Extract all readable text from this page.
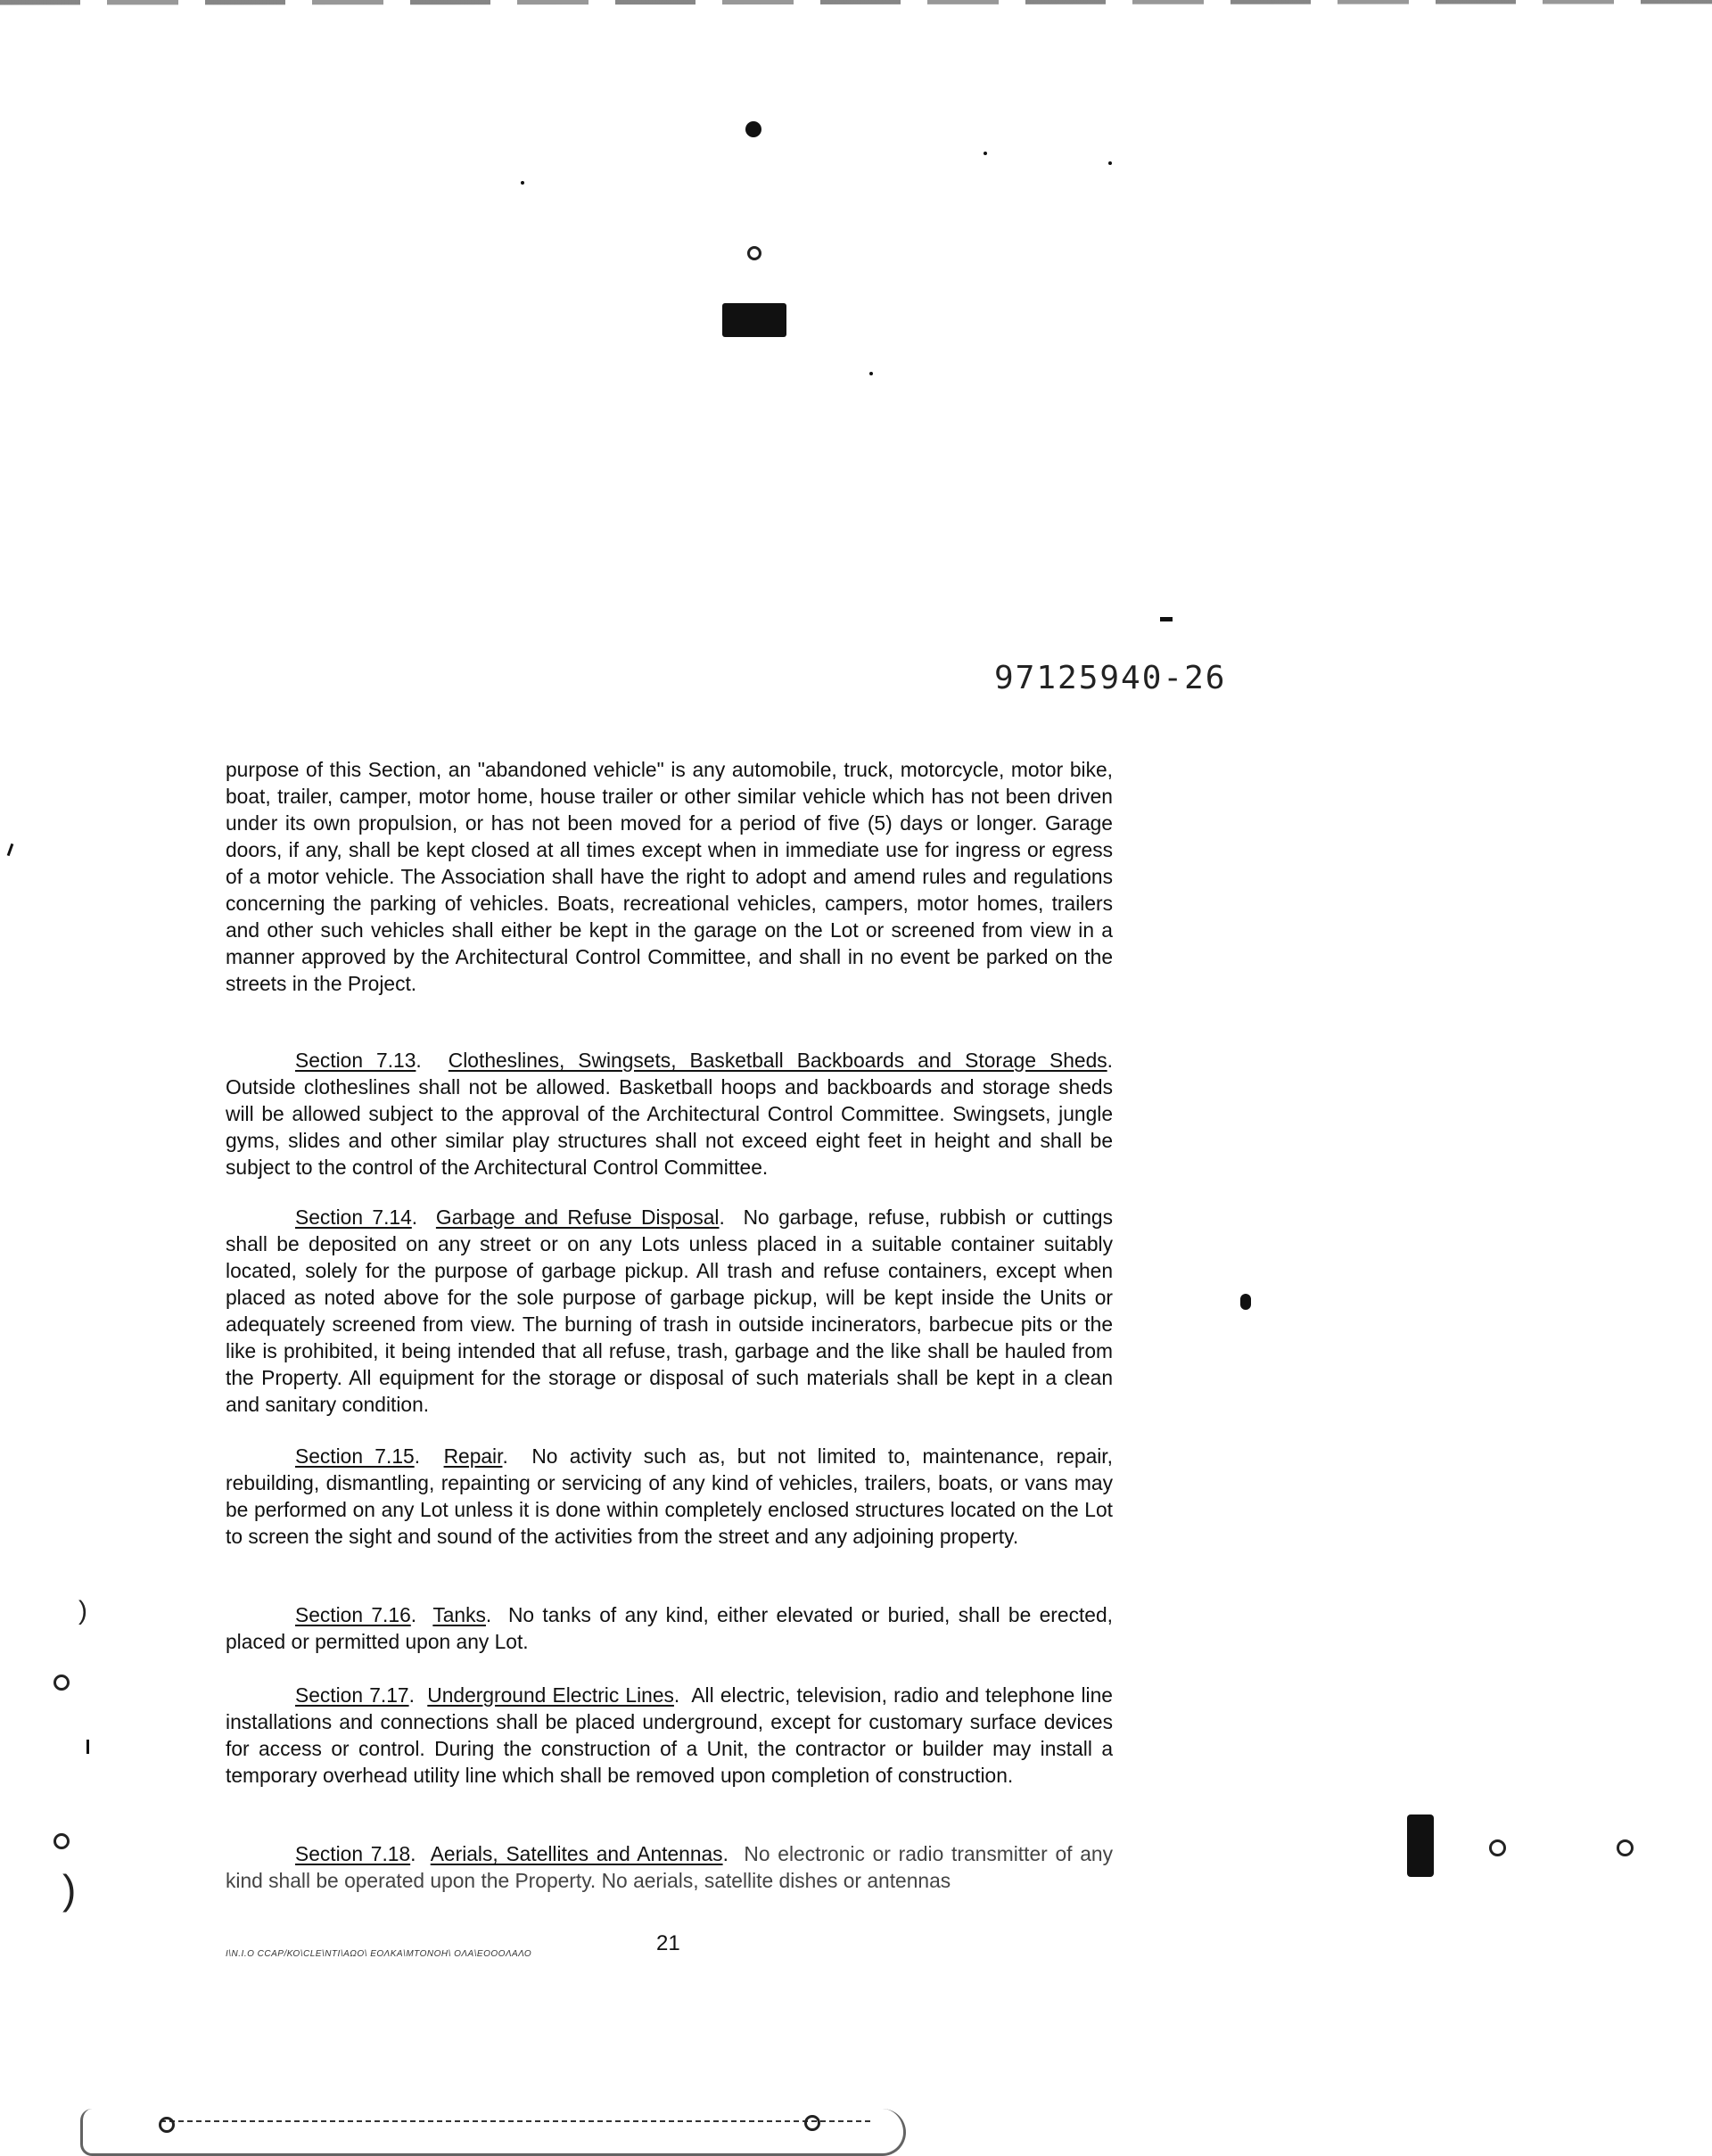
)
)
97125940-26

purpose of this Section, an "abandoned vehicle" is any automobile, truck, motorcycle, motor bike, boat, trailer, camper, motor home, house trailer or other similar vehicle which has not been driven under its own propulsion, or has not been moved for a period of five (5) days or longer. Garage doors, if any, shall be kept closed at all times except when in immediate use for ingress or egress of a motor vehicle. The Association shall have the right to adopt and amend rules and regulations concerning the parking of vehicles. Boats, recreational vehicles, campers, motor homes, trailers and other such vehicles shall either be kept in the garage on the Lot or screened from view in a manner approved by the Architectural Control Committee, and shall in no event be parked on the streets in the Project.

Section 7.13.  Clotheslines, Swingsets, Basketball Backboards and Storage Sheds. Outside clotheslines shall not be allowed. Basketball hoops and backboards and storage sheds will be allowed subject to the approval of the Architectural Control Committee. Swingsets, jungle gyms, slides and other similar play structures shall not exceed eight feet in height and shall be subject to the control of the Architectural Control Committee.

Section 7.14.  Garbage and Refuse Disposal.  No garbage, refuse, rubbish or cuttings shall be deposited on any street or on any Lots unless placed in a suitable container suitably located, solely for the purpose of garbage pickup. All trash and refuse containers, except when placed as noted above for the sole purpose of garbage pickup, will be kept inside the Units or adequately screened from view. The burning of trash in outside incinerators, barbecue pits or the like is prohibited, it being intended that all refuse, trash, garbage and the like shall be hauled from the Property. All equipment for the storage or disposal of such materials shall be kept in a clean and sanitary condition.

Section 7.15.  Repair.  No activity such as, but not limited to, maintenance, repair, rebuilding, dismantling, repainting or servicing of any kind of vehicles, trailers, boats, or vans may be performed on any Lot unless it is done within completely enclosed structures located on the Lot to screen the sight and sound of the activities from the street and any adjoining property.

Section 7.16.  Tanks.  No tanks of any kind, either elevated or buried, shall be erected, placed or permitted upon any Lot.

Section 7.17.  Underground Electric Lines.  All electric, television, radio and telephone line installations and connections shall be placed underground, except for customary surface devices for access or control. During the construction of a Unit, the contractor or builder may install a temporary overhead utility line which shall be removed upon completion of construction.

Section 7.18.  Aerials, Satellites and Antennas.  No electronic or radio transmitter of any kind shall be operated upon the Property. No aerials, satellite dishes or antennas

Ι\Ν.Ι.Ο CCΑΡ/ΚΟ\CLΕ\ΝΤΙ\ΑΩΟ\ ΕΟΛΚΑ\ΜΤΟΝΟΗ\ ΟΛΑ\ΕΟΟΟΛΑΛΟ	21
